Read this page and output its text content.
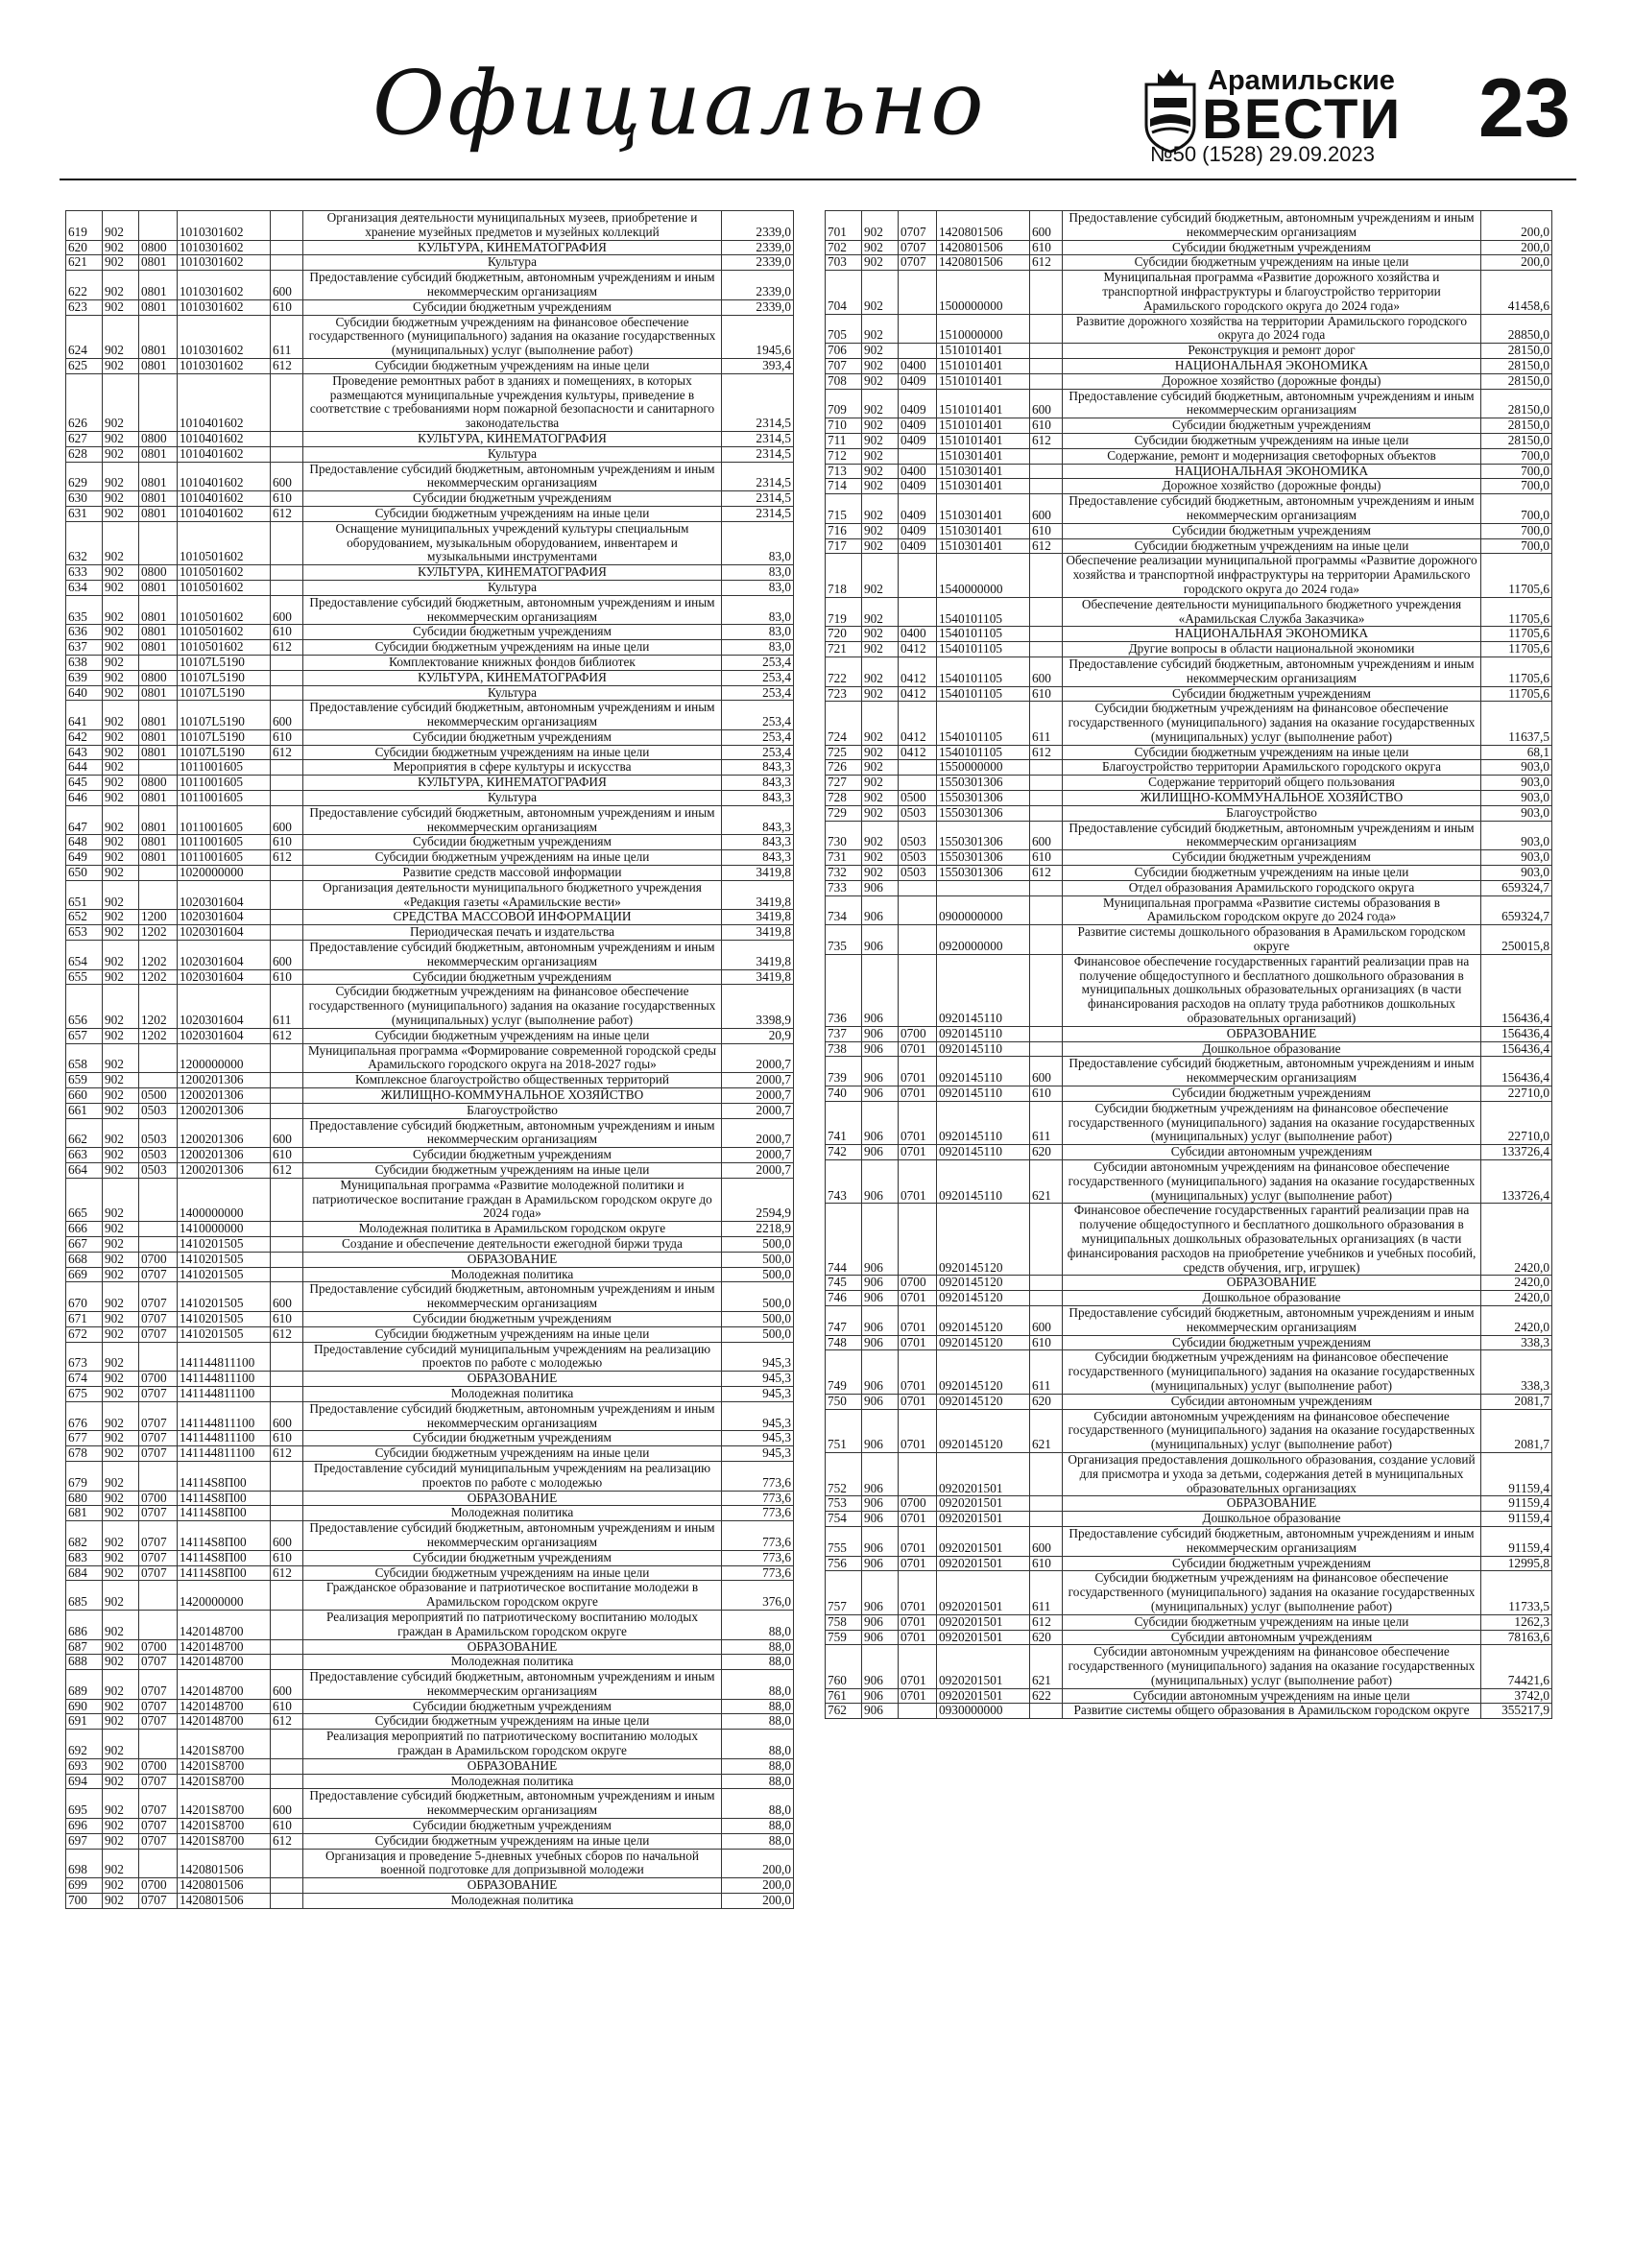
Официально	Арамильские
ВЕСТИ
№50 (1528) 29.09.2023 23
619	902		1010301602		Организация деятельности муниципальных музеев, приобретение и хранение музейных предметов и музейных коллекций	2339,0
620	902	0800	1010301602		КУЛЬТУРА, КИНЕМАТОГРАФИЯ	2339,0
621	902	0801	1010301602		Культура	2339,0
622	902	0801	1010301602	600	Предоставление субсидий бюджетным, автономным учреждениям и иным некоммерческим организациям	2339,0
623	902	0801	1010301602	610	Субсидии бюджетным учреждениям	2339,0
624	902	0801	1010301602	611	Субсидии бюджетным учреждениям на финансовое обеспечение государственного (муниципального) задания на оказание государственных (муниципальных) услуг (выполнение работ)	1945,6
625	902	0801	1010301602	612	Субсидии бюджетным учреждениям на иные цели	393,4
626	902		1010401602		Проведение ремонтных работ в зданиях и помещениях, в которых размещаются муниципальные учреждения культуры, приведение в соответствие с требованиями норм пожарной безопасности и санитарного законодательства	2314,5
627	902	0800	1010401602		КУЛЬТУРА, КИНЕМАТОГРАФИЯ	2314,5
628	902	0801	1010401602		Культура	2314,5
629	902	0801	1010401602	600	Предоставление субсидий бюджетным, автономным учреждениям и иным некоммерческим организациям	2314,5
630	902	0801	1010401602	610	Субсидии бюджетным учреждениям	2314,5
631	902	0801	1010401602	612	Субсидии бюджетным учреждениям на иные цели	2314,5
632	902		1010501602		Оснащение муниципальных учреждений культуры специальным оборудованием, музыкальным оборудованием, инвентарем и музыкальными инструментами	83,0
633	902	0800	1010501602		КУЛЬТУРА, КИНЕМАТОГРАФИЯ	83,0
634	902	0801	1010501602		Культура	83,0
635	902	0801	1010501602	600	Предоставление субсидий бюджетным, автономным учреждениям и иным некоммерческим организациям	83,0
636	902	0801	1010501602	610	Субсидии бюджетным учреждениям	83,0
637	902	0801	1010501602	612	Субсидии бюджетным учреждениям на иные цели	83,0
638	902		10107L5190		Комплектование книжных фондов библиотек	253,4
639	902	0800	10107L5190		КУЛЬТУРА, КИНЕМАТОГРАФИЯ	253,4
640	902	0801	10107L5190		Культура	253,4
641	902	0801	10107L5190	600	Предоставление субсидий бюджетным, автономным учреждениям и иным некоммерческим организациям	253,4
642	902	0801	10107L5190	610	Субсидии бюджетным учреждениям	253,4
643	902	0801	10107L5190	612	Субсидии бюджетным учреждениям на иные цели	253,4
644	902		1011001605		Мероприятия в сфере культуры и искусства	843,3
645	902	0800	1011001605		КУЛЬТУРА, КИНЕМАТОГРАФИЯ	843,3
646	902	0801	1011001605		Культура	843,3
647	902	0801	1011001605	600	Предоставление субсидий бюджетным, автономным учреждениям и иным некоммерческим организациям	843,3
648	902	0801	1011001605	610	Субсидии бюджетным учреждениям	843,3
649	902	0801	1011001605	612	Субсидии бюджетным учреждениям на иные цели	843,3
650	902		1020000000		Развитие средств массовой информации	3419,8
651	902		1020301604		Организация деятельности муниципального бюджетного учреждения «Редакция газеты «Арамильские вести»	3419,8
652	902	1200	1020301604		СРЕДСТВА МАССОВОЙ ИНФОРМАЦИИ	3419,8
653	902	1202	1020301604		Периодическая печать и издательства	3419,8
654	902	1202	1020301604	600	Предоставление субсидий бюджетным, автономным учреждениям и иным некоммерческим организациям	3419,8
655	902	1202	1020301604	610	Субсидии бюджетным учреждениям	3419,8
656	902	1202	1020301604	611	Субсидии бюджетным учреждениям на финансовое обеспечение государственного (муниципального) задания на оказание государственных (муниципальных) услуг (выполнение работ)	3398,9
657	902	1202	1020301604	612	Субсидии бюджетным учреждениям на иные цели	20,9
658	902		1200000000		Муниципальная программа «Формирование современной городской среды Арамильского городского округа на 2018-2027 годы»	2000,7
659	902		1200201306		Комплексное благоустройство общественных территорий	2000,7
660	902	0500	1200201306		ЖИЛИЩНО-КОММУНАЛЬНОЕ ХОЗЯЙСТВО	2000,7
661	902	0503	1200201306		Благоустройство	2000,7
662	902	0503	1200201306	600	Предоставление субсидий бюджетным, автономным учреждениям и иным некоммерческим организациям	2000,7
663	902	0503	1200201306	610	Субсидии бюджетным учреждениям	2000,7
664	902	0503	1200201306	612	Субсидии бюджетным учреждениям на иные цели	2000,7
665	902		1400000000		Муниципальная программа «Развитие молодежной политики и патриотическое воспитание граждан в Арамильском городском округе до 2024 года»	2594,9
666	902		1410000000		Молодежная политика в Арамильском городском округе	2218,9
667	902		1410201505		Создание и обеспечение деятельности ежегодной биржи труда	500,0
668	902	0700	1410201505		ОБРАЗОВАНИЕ	500,0
669	902	0707	1410201505		Молодежная политика	500,0
670	902	0707	1410201505	600	Предоставление субсидий бюджетным, автономным учреждениям и иным некоммерческим организациям	500,0
671	902	0707	1410201505	610	Субсидии бюджетным учреждениям	500,0
672	902	0707	1410201505	612	Субсидии бюджетным учреждениям на иные цели	500,0
673	902		141144811100		Предоставление субсидий муниципальным учреждениям на реализацию проектов по работе с молодежью	945,3
674	902	0700	141144811100		ОБРАЗОВАНИЕ	945,3
675	902	0707	141144811100		Молодежная политика	945,3
676	902	0707	141144811100	600	Предоставление субсидий бюджетным, автономным учреждениям и иным некоммерческим организациям	945,3
677	902	0707	141144811100	610	Субсидии бюджетным учреждениям	945,3
678	902	0707	141144811100	612	Субсидии бюджетным учреждениям на иные цели	945,3
679	902		14114S8П00		Предоставление субсидий муниципальным учреждениям на реализацию проектов по работе с молодежью	773,6
680	902	0700	14114S8П00		ОБРАЗОВАНИЕ	773,6
681	902	0707	14114S8П00		Молодежная политика	773,6
682	902	0707	14114S8П00	600	Предоставление субсидий бюджетным, автономным учреждениям и иным некоммерческим организациям	773,6
683	902	0707	14114S8П00	610	Субсидии бюджетным учреждениям	773,6
684	902	0707	14114S8П00	612	Субсидии бюджетным учреждениям на иные цели	773,6
685	902		1420000000		Гражданское образование и патриотическое воспитание молодежи в Арамильском городском округе	376,0
686	902		1420148700		Реализация мероприятий по патриотическому воспитанию молодых граждан в Арамильском городском округе	88,0
687	902	0700	1420148700		ОБРАЗОВАНИЕ	88,0
688	902	0707	1420148700		Молодежная политика	88,0
689	902	0707	1420148700	600	Предоставление субсидий бюджетным, автономным учреждениям и иным некоммерческим организациям	88,0
690	902	0707	1420148700	610	Субсидии бюджетным учреждениям	88,0
691	902	0707	1420148700	612	Субсидии бюджетным учреждениям на иные цели	88,0
692	902		14201S8700		Реализация мероприятий по патриотическому воспитанию молодых граждан в Арамильском городском округе	88,0
693	902	0700	14201S8700		ОБРАЗОВАНИЕ	88,0
694	902	0707	14201S8700		Молодежная политика	88,0
695	902	0707	14201S8700	600	Предоставление субсидий бюджетным, автономным учреждениям и иным некоммерческим организациям	88,0
696	902	0707	14201S8700	610	Субсидии бюджетным учреждениям	88,0
697	902	0707	14201S8700	612	Субсидии бюджетным учреждениям на иные цели	88,0
698	902		1420801506		Организация и проведение 5-дневных учебных сборов по начальной военной подготовке для допризывной молодежи	200,0
699	902	0700	1420801506		ОБРАЗОВАНИЕ	200,0
700	902	0707	1420801506		Молодежная политика	200,0
701	902	0707	1420801506	600	Предоставление субсидий бюджетным, автономным учреждениям и иным некоммерческим организациям	200,0
702	902	0707	1420801506	610	Субсидии бюджетным учреждениям	200,0
703	902	0707	1420801506	612	Субсидии бюджетным учреждениям на иные цели	200,0
704	902		1500000000		Муниципальная программа «Развитие дорожного хозяйства и транспортной инфраструктуры и благоустройство территории Арамильского городского округа до 2024 года»	41458,6
705	902		1510000000		Развитие дорожного хозяйства на территории Арамильского городского округа до 2024 года	28850,0
706	902		1510101401		Реконструкция и ремонт дорог	28150,0
707	902	0400	1510101401		НАЦИОНАЛЬНАЯ ЭКОНОМИКА	28150,0
708	902	0409	1510101401		Дорожное хозяйство (дорожные фонды)	28150,0
709	902	0409	1510101401	600	Предоставление субсидий бюджетным, автономным учреждениям и иным некоммерческим организациям	28150,0
710	902	0409	1510101401	610	Субсидии бюджетным учреждениям	28150,0
711	902	0409	1510101401	612	Субсидии бюджетным учреждениям на иные цели	28150,0
712	902		1510301401		Содержание, ремонт и модернизация светофорных объектов	700,0
713	902	0400	1510301401		НАЦИОНАЛЬНАЯ ЭКОНОМИКА	700,0
714	902	0409	1510301401		Дорожное хозяйство (дорожные фонды)	700,0
715	902	0409	1510301401	600	Предоставление субсидий бюджетным, автономным учреждениям и иным некоммерческим организациям	700,0
716	902	0409	1510301401	610	Субсидии бюджетным учреждениям	700,0
717	902	0409	1510301401	612	Субсидии бюджетным учреждениям на иные цели	700,0
718	902		1540000000		Обеспечение реализации муниципальной программы «Развитие дорожного хозяйства и транспортной инфраструктуры на территории Арамильского городского округа до 2024 года»	11705,6
719	902		1540101105		Обеспечение деятельности муниципального бюджетного учреждения «Арамильская Служба Заказчика»	11705,6
720	902	0400	1540101105		НАЦИОНАЛЬНАЯ ЭКОНОМИКА	11705,6
721	902	0412	1540101105		Другие вопросы в области национальной экономики	11705,6
722	902	0412	1540101105	600	Предоставление субсидий бюджетным, автономным учреждениям и иным некоммерческим организациям	11705,6
723	902	0412	1540101105	610	Субсидии бюджетным учреждениям	11705,6
724	902	0412	1540101105	611	Субсидии бюджетным учреждениям на финансовое обеспечение государственного (муниципального) задания на оказание государственных (муниципальных) услуг (выполнение работ)	11637,5
725	902	0412	1540101105	612	Субсидии бюджетным учреждениям на иные цели	68,1
726	902		1550000000		Благоустройство территории Арамильского городского округа	903,0
727	902		1550301306		Содержание территорий общего пользования	903,0
728	902	0500	1550301306		ЖИЛИЩНО-КОММУНАЛЬНОЕ ХОЗЯЙСТВО	903,0
729	902	0503	1550301306		Благоустройство	903,0
730	902	0503	1550301306	600	Предоставление субсидий бюджетным, автономным учреждениям и иным некоммерческим организациям	903,0
731	902	0503	1550301306	610	Субсидии бюджетным учреждениям	903,0
732	902	0503	1550301306	612	Субсидии бюджетным учреждениям на иные цели	903,0
733	906				Отдел образования Арамильского городского округа	659324,7
734	906		0900000000		Муниципальная программа «Развитие системы образования в Арамильском городском округе до 2024 года»	659324,7
735	906		0920000000		Развитие системы дошкольного образования в Арамильском городском округе	250015,8
736	906		0920145110		Финансовое обеспечение государственных гарантий реализации прав на получение общедоступного и бесплатного дошкольного образования в муниципальных дошкольных образовательных организациях (в части финансирования расходов на оплату труда работников дошкольных образовательных организаций)	156436,4
737	906	0700	0920145110		ОБРАЗОВАНИЕ	156436,4
738	906	0701	0920145110		Дошкольное образование	156436,4
739	906	0701	0920145110	600	Предоставление субсидий бюджетным, автономным учреждениям и иным некоммерческим организациям	156436,4
740	906	0701	0920145110	610	Субсидии бюджетным учреждениям	22710,0
741	906	0701	0920145110	611	Субсидии бюджетным учреждениям на финансовое обеспечение государственного (муниципального) задания на оказание государственных (муниципальных) услуг (выполнение работ)	22710,0
742	906	0701	0920145110	620	Субсидии автономным учреждениям	133726,4
743	906	0701	0920145110	621	Субсидии автономным учреждениям на финансовое обеспечение государственного (муниципального) задания на оказание государственных (муниципальных) услуг (выполнение работ)	133726,4
744	906		0920145120		Финансовое обеспечение государственных гарантий реализации прав на получение общедоступного и бесплатного дошкольного образования в муниципальных дошкольных образовательных организациях (в части финансирования расходов на приобретение учебников и учебных пособий, средств обучения, игр, игрушек)	2420,0
745	906	0700	0920145120		ОБРАЗОВАНИЕ	2420,0
746	906	0701	0920145120		Дошкольное образование	2420,0
747	906	0701	0920145120	600	Предоставление субсидий бюджетным, автономным учреждениям и иным некоммерческим организациям	2420,0
748	906	0701	0920145120	610	Субсидии бюджетным учреждениям	338,3
749	906	0701	0920145120	611	Субсидии бюджетным учреждениям на финансовое обеспечение государственного (муниципального) задания на оказание государственных (муниципальных) услуг (выполнение работ)	338,3
750	906	0701	0920145120	620	Субсидии автономным учреждениям	2081,7
751	906	0701	0920145120	621	Субсидии автономным учреждениям на финансовое обеспечение государственного (муниципального) задания на оказание государственных (муниципальных) услуг (выполнение работ)	2081,7
752	906		0920201501		Организация предоставления дошкольного образования, создание условий для присмотра и ухода за детьми, содержания детей в муниципальных образовательных организациях	91159,4
753	906	0700	0920201501		ОБРАЗОВАНИЕ	91159,4
754	906	0701	0920201501		Дошкольное образование	91159,4
755	906	0701	0920201501	600	Предоставление субсидий бюджетным, автономным учреждениям и иным некоммерческим организациям	91159,4
756	906	0701	0920201501	610	Субсидии бюджетным учреждениям	12995,8
757	906	0701	0920201501	611	Субсидии бюджетным учреждениям на финансовое обеспечение государственного (муниципального) задания на оказание государственных (муниципальных) услуг (выполнение работ)	11733,5
758	906	0701	0920201501	612	Субсидии бюджетным учреждениям на иные цели	1262,3
759	906	0701	0920201501	620	Субсидии автономным учреждениям	78163,6
760	906	0701	0920201501	621	Субсидии автономным учреждениям на финансовое обеспечение государственного (муниципального) задания на оказание государственных (муниципальных) услуг (выполнение работ)	74421,6
761	906	0701	0920201501	622	Субсидии автономным учреждениям на иные цели	3742,0
762	906		0930000000		Развитие системы общего образования в Арамильском городском округе	355217,9
